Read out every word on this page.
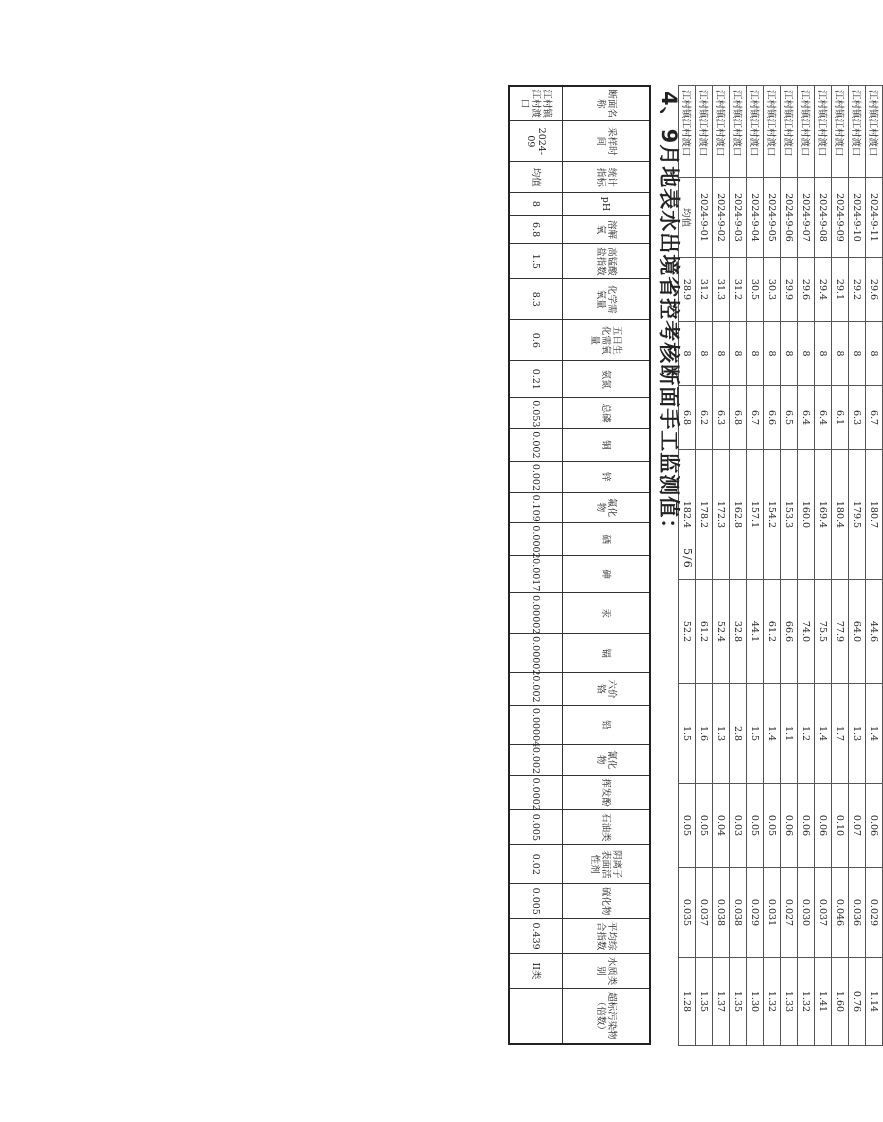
江村镇江村渡口	2024-9-11	29.6	8	6.7	180.7	44.6	1.4	0.06	0.029	1.14
江村镇江村渡口	2024-9-10	29.2	8	6.3	179.5	64.0	1.3	0.07	0.036	0.76
江村镇江村渡口	2024-9-09	29.1	8	6.1	180.4	77.9	1.7	0.10	0.046	1.60
江村镇江村渡口	2024-9-08	29.4	8	6.4	169.4	75.5	1.4	0.06	0.037	1.41
江村镇江村渡口	2024-9-07	29.6	8	6.4	160.0	74.0	1.2	0.06	0.030	1.32
江村镇江村渡口	2024-9-06	29.9	8	6.5	153.3	66.6	1.1	0.06	0.027	1.33
江村镇江村渡口	2024-9-05	30.3	8	6.6	154.2	61.2	1.4	0.05	0.031	1.32
江村镇江村渡口	2024-9-04	30.5	8	6.7	157.1	44.1	1.5	0.05	0.029	1.30
江村镇江村渡口	2024-9-03	31.2	8	6.8	162.8	32.8	2.8	0.03	0.038	1.35
江村镇江村渡口	2024-9-02	31.3	8	6.3	172.3	52.4	1.3	0.04	0.038	1.37
江村镇江村渡口	2024-9-01	31.2	8	6.2	178.2	61.2	1.6	0.05	0.037	1.35
江村镇江村渡口	均值	28.9	8	6.8	182.4	52.2	1.5	0.05	0.035	1.28
4、9月地表水出境省控考核断面手工监测值：
断面名称	采样时间	统计指标	pH	溶解氧	高锰酸盐指数	化学需氧量	五日生化需氧量	氨氮	总磷	铜	锌	氟化物	硒	砷	汞	镉	六价铬	铅	氰化物	挥发酚	石油类	阴离子表面活性剂	硫化物	平均综合指数	水质类别	超标污染物（倍数）
江村镇江村渡口	2024-09	均值	8	6.8	1.5	8.3	0.6	0.21	0.053	0.002	0.002	0.109	0.0002	0.0017	0.00002	0.00002	0.002	0.00004	0.002	0.0002	0.005	0.02	0.005	0.439	II类	
5/6
